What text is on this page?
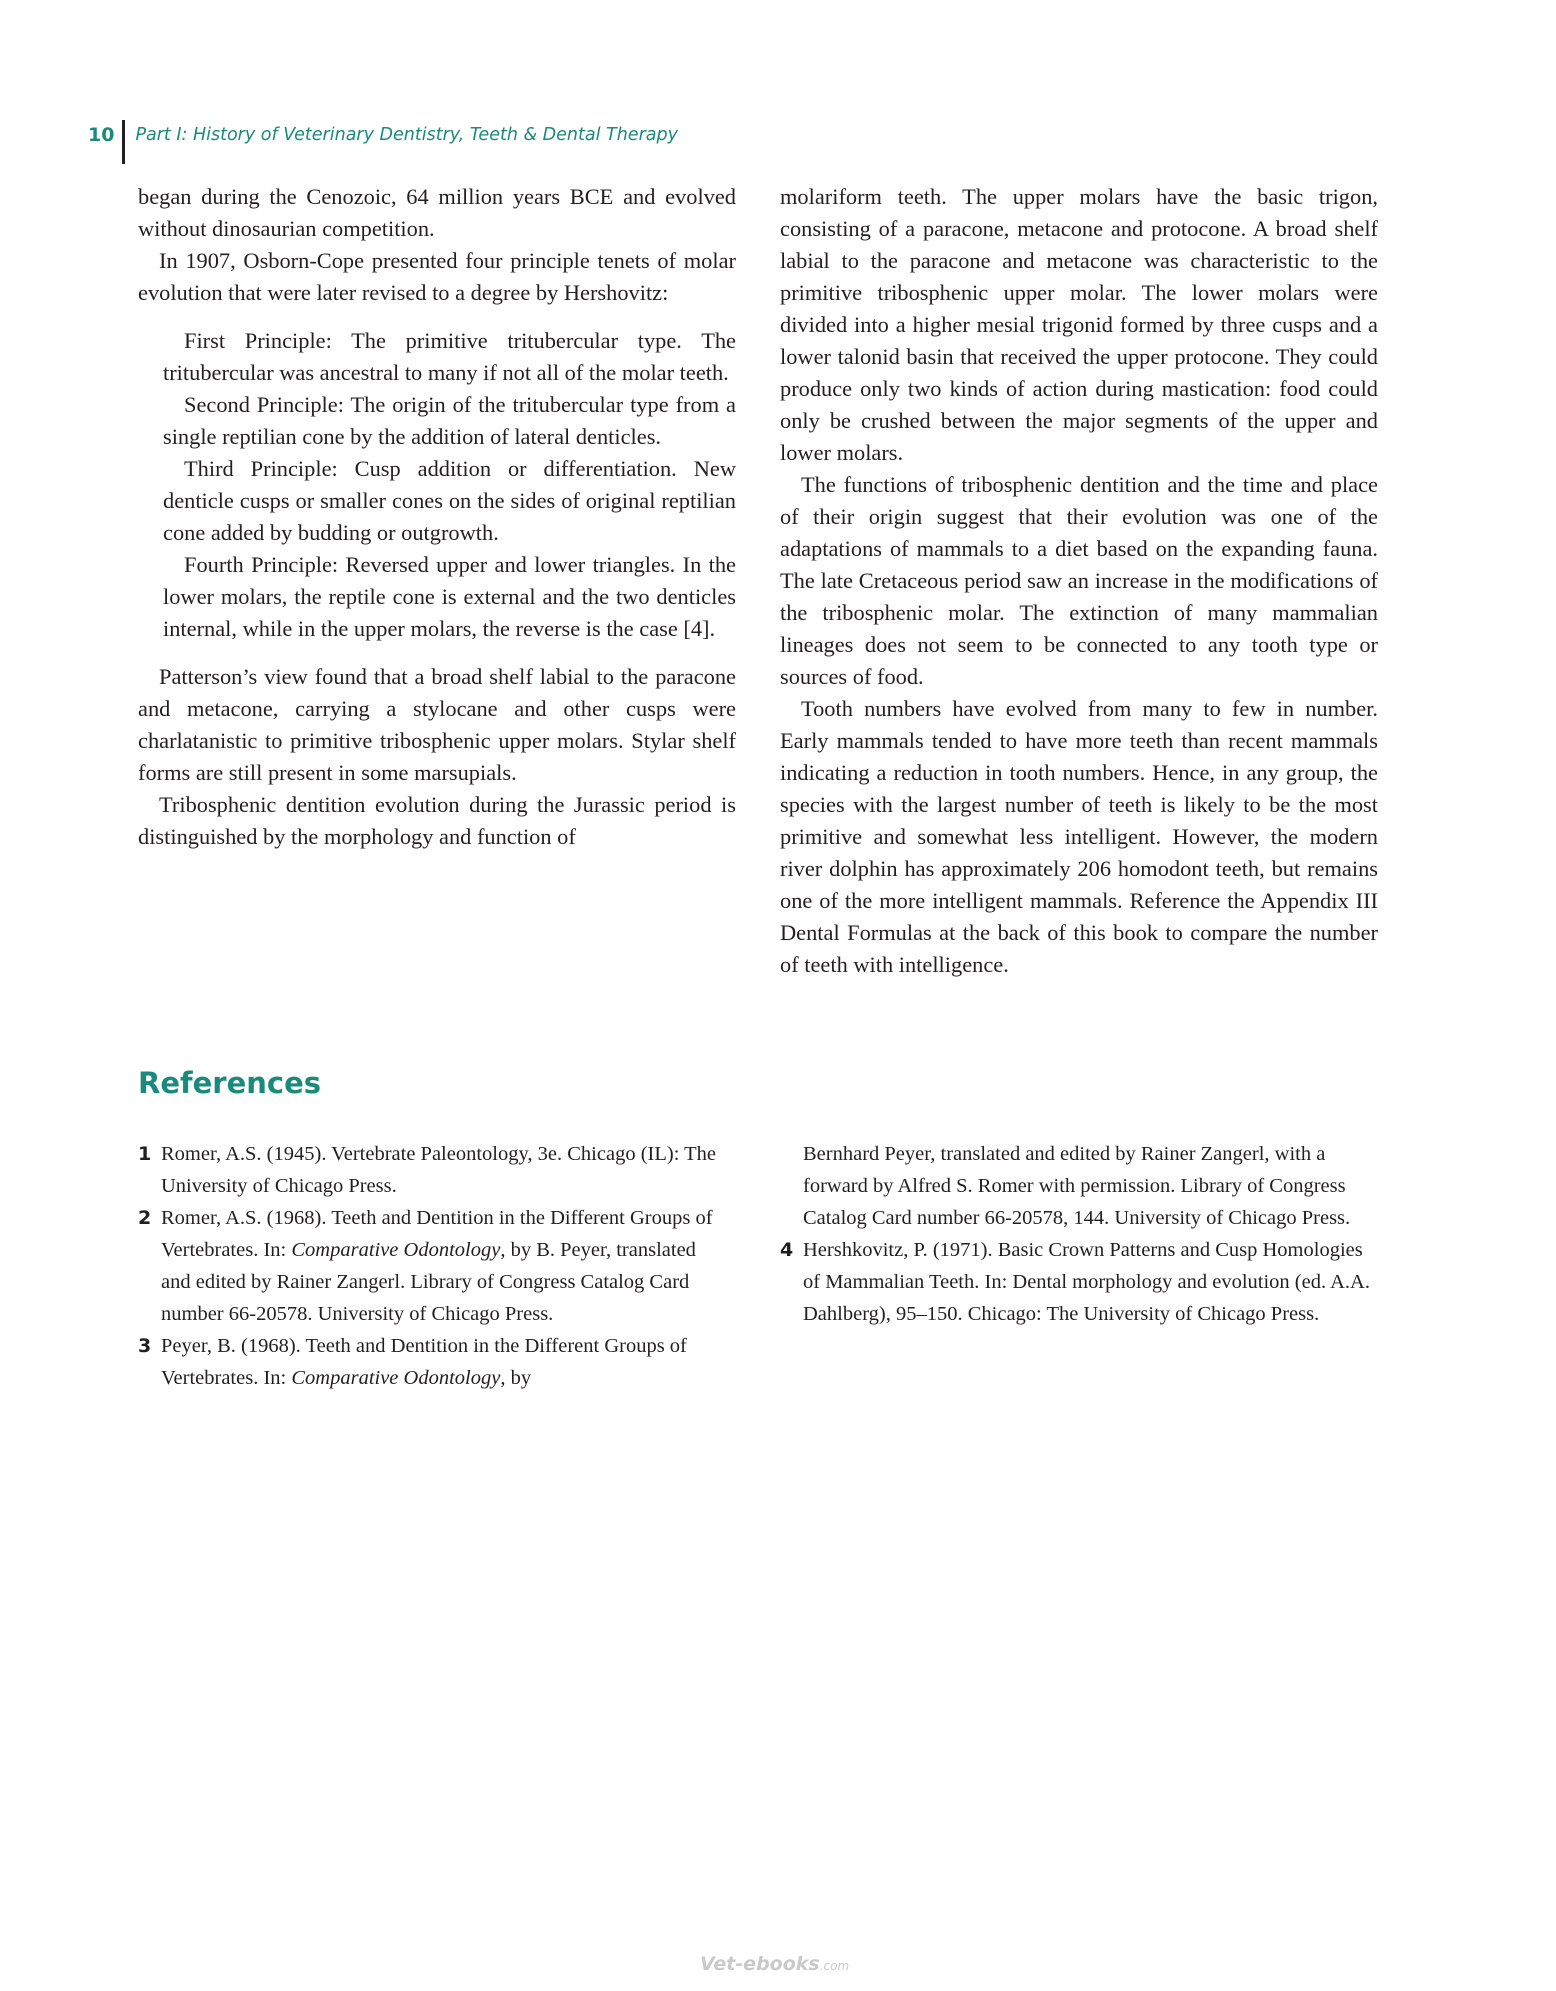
10 Part I: History of Veterinary Dentistry, Teeth & Dental Therapy

began during the Cenozoic, 64 million years BCE and evolved without dinosaurian competition.

In 1907, Osborn-Cope presented four principle tenets of molar evolution that were later revised to a degree by Hershovitz:

First Principle: The primitive tritubercular type. The tritubercular was ancestral to many if not all of the molar teeth.

Second Principle: The origin of the tritubercular type from a single reptilian cone by the addition of lateral denticles.

Third Principle: Cusp addition or differentiation. New denticle cusps or smaller cones on the sides of original reptilian cone added by budding or outgrowth.

Fourth Principle: Reversed upper and lower triangles. In the lower molars, the reptile cone is external and the two denticles internal, while in the upper molars, the reverse is the case [4].

Patterson’s view found that a broad shelf labial to the paracone and metacone, carrying a stylocane and other cusps were charlatanistic to primitive tribosphenic upper molars. Stylar shelf forms are still present in some marsupials.

Tribosphenic dentition evolution during the Jurassic period is distinguished by the morphology and function of

molariform teeth. The upper molars have the basic trigon, consisting of a paracone, metacone and protocone. A broad shelf labial to the paracone and metacone was characteristic to the primitive tribosphenic upper molar. The lower molars were divided into a higher mesial trigonid formed by three cusps and a lower talonid basin that received the upper protocone. They could produce only two kinds of action during mastication: food could only be crushed between the major segments of the upper and lower molars.

The functions of tribosphenic dentition and the time and place of their origin suggest that their evolution was one of the adaptations of mammals to a diet based on the expanding fauna. The late Cretaceous period saw an increase in the modifications of the tribosphenic molar. The extinction of many mammalian lineages does not seem to be connected to any tooth type or sources of food.

Tooth numbers have evolved from many to few in number. Early mammals tended to have more teeth than recent mammals indicating a reduction in tooth numbers. Hence, in any group, the species with the largest number of teeth is likely to be the most primitive and somewhat less intelligent. However, the modern river dolphin has approximately 206 homodont teeth, but remains one of the more intelligent mammals. Reference the Appendix III Dental Formulas at the back of this book to compare the number of teeth with intelligence.

References
1 Romer, A.S. (1945). Vertebrate Paleontology, 3e. Chicago (IL): The University of Chicago Press.
2 Romer, A.S. (1968). Teeth and Dentition in the Different Groups of Vertebrates. In: Comparative Odontology, by B. Peyer, translated and edited by Rainer Zangerl. Library of Congress Catalog Card number 66-20578. University of Chicago Press.
3 Peyer, B. (1968). Teeth and Dentition in the Different Groups of Vertebrates. In: Comparative Odontology, by
Bernhard Peyer, translated and edited by Rainer Zangerl, with a forward by Alfred S. Romer with permission. Library of Congress Catalog Card number 66-20578, 144. University of Chicago Press.
4 Hershkovitz, P. (1971). Basic Crown Patterns and Cusp Homologies of Mammalian Teeth. In: Dental morphology and evolution (ed. A.A. Dahlberg), 95–150. Chicago: The University of Chicago Press.
Vet-ebooks.com
